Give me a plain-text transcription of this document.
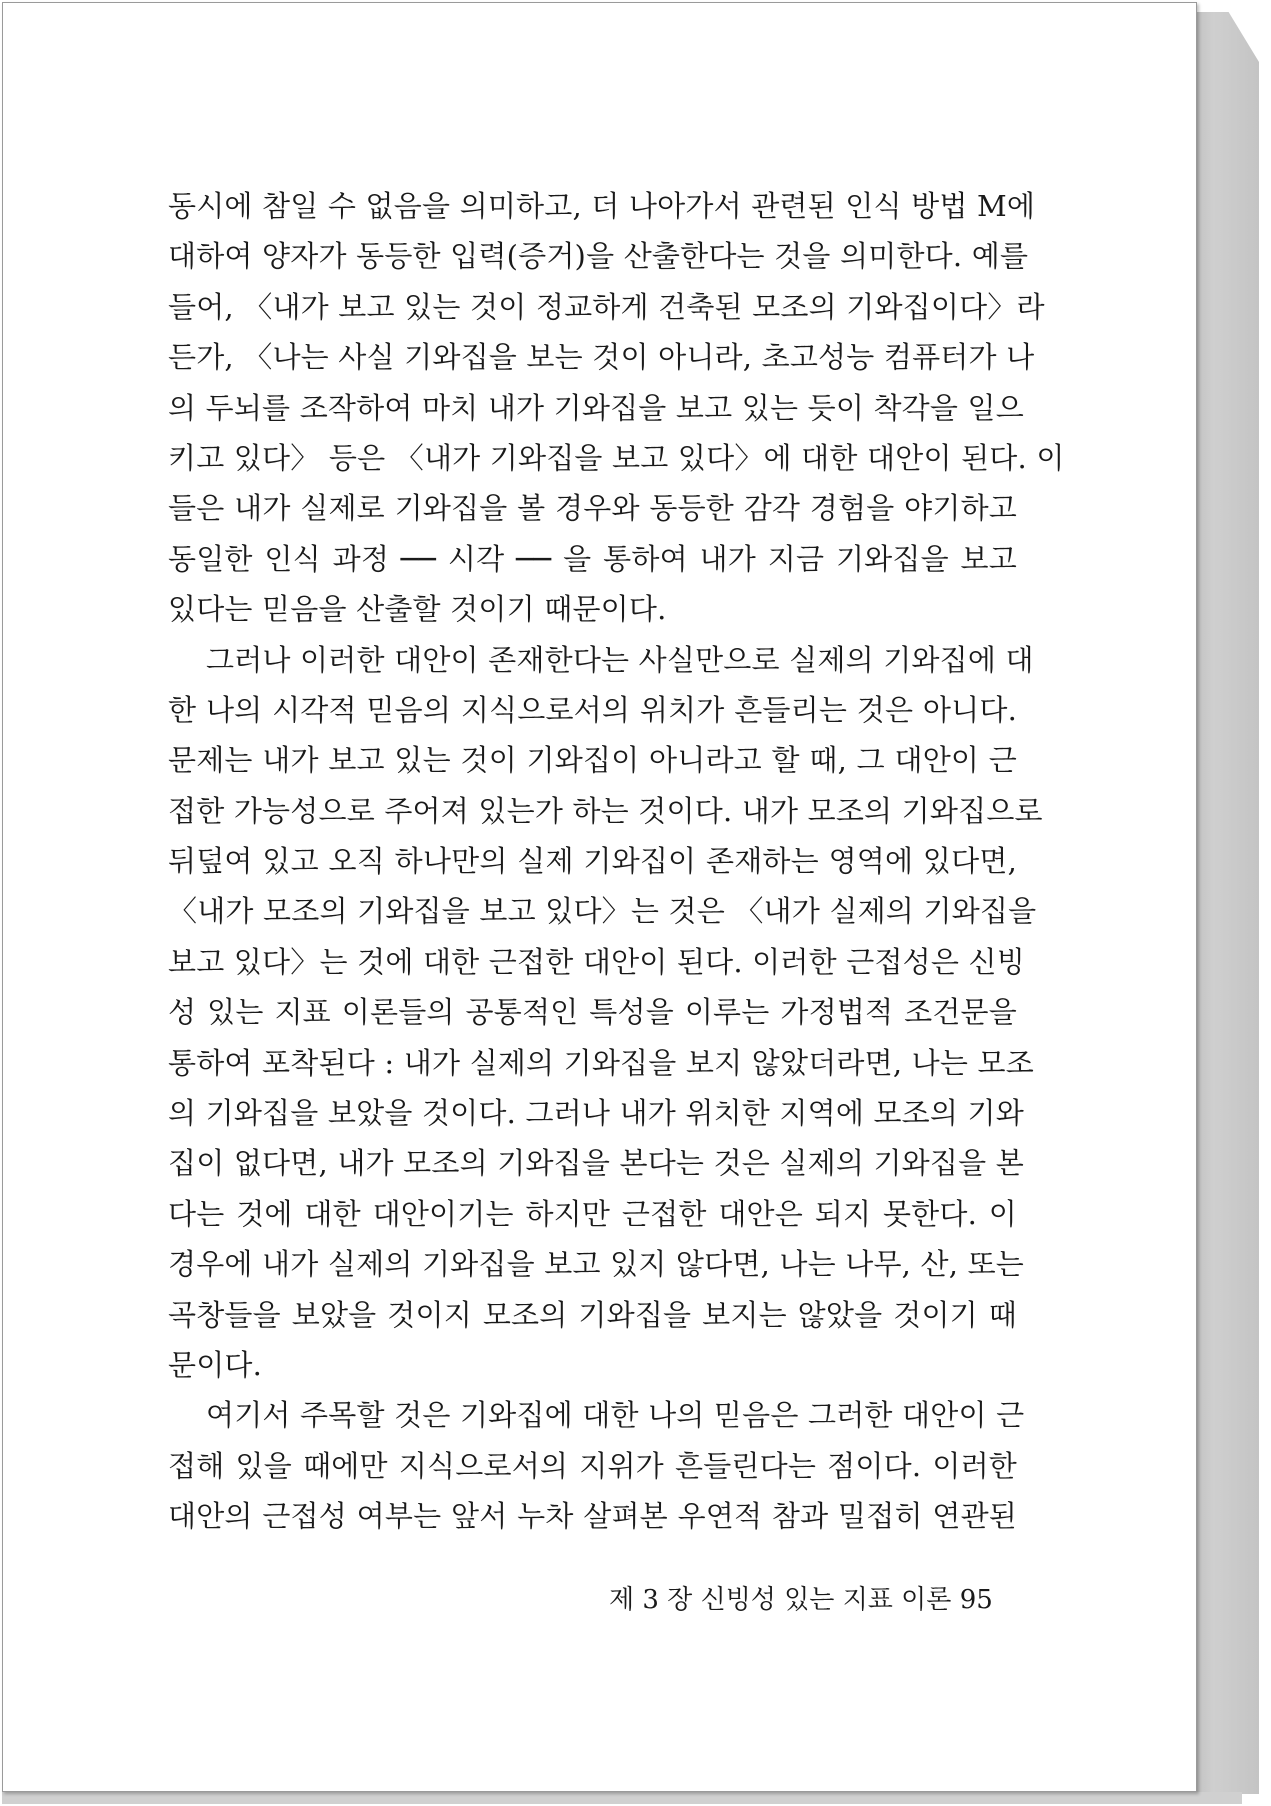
동시에 참일 수 없음을 의미하고, 더 나아가서 관련된 인식 방법 M에
대하여 양자가 동등한 입력(증거)을 산출한다는 것을 의미한다. 예를
들어, 〈내가 보고 있는 것이 정교하게 건축된 모조의 기와집이다〉라
든가, 〈나는 사실 기와집을 보는 것이 아니라, 초고성능 컴퓨터가 나
의 두뇌를 조작하여 마치 내가 기와집을 보고 있는 듯이 착각을 일으
키고 있다〉 등은 〈내가 기와집을 보고 있다〉에 대한 대안이 된다. 이
들은 내가 실제로 기와집을 볼 경우와 동등한 감각 경험을 야기하고
동일한 인식 과정 ── 시각 ── 을 통하여 내가 지금 기와집을 보고
있다는 믿음을 산출할 것이기 때문이다.
그러나 이러한 대안이 존재한다는 사실만으로 실제의 기와집에 대
한 나의 시각적 믿음의 지식으로서의 위치가 흔들리는 것은 아니다.
문제는 내가 보고 있는 것이 기와집이 아니라고 할 때, 그 대안이 근
접한 가능성으로 주어져 있는가 하는 것이다. 내가 모조의 기와집으로
뒤덮여 있고 오직 하나만의 실제 기와집이 존재하는 영역에 있다면,
〈내가 모조의 기와집을 보고 있다〉는 것은 〈내가 실제의 기와집을
보고 있다〉는 것에 대한 근접한 대안이 된다. 이러한 근접성은 신빙
성 있는 지표 이론들의 공통적인 특성을 이루는 가정법적 조건문을
통하여 포착된다 : 내가 실제의 기와집을 보지 않았더라면, 나는 모조
의 기와집을 보았을 것이다. 그러나 내가 위치한 지역에 모조의 기와
집이 없다면, 내가 모조의 기와집을 본다는 것은 실제의 기와집을 본
다는 것에 대한 대안이기는 하지만 근접한 대안은 되지 못한다. 이
경우에 내가 실제의 기와집을 보고 있지 않다면, 나는 나무, 산, 또는
곡창들을 보았을 것이지 모조의 기와집을 보지는 않았을 것이기 때
문이다.
여기서 주목할 것은 기와집에 대한 나의 믿음은 그러한 대안이 근
접해 있을 때에만 지식으로서의 지위가 흔들린다는 점이다. 이러한
대안의 근접성 여부는 앞서 누차 살펴본 우연적 참과 밀접히 연관된
제 3 장 신빙성 있는 지표 이론 95
